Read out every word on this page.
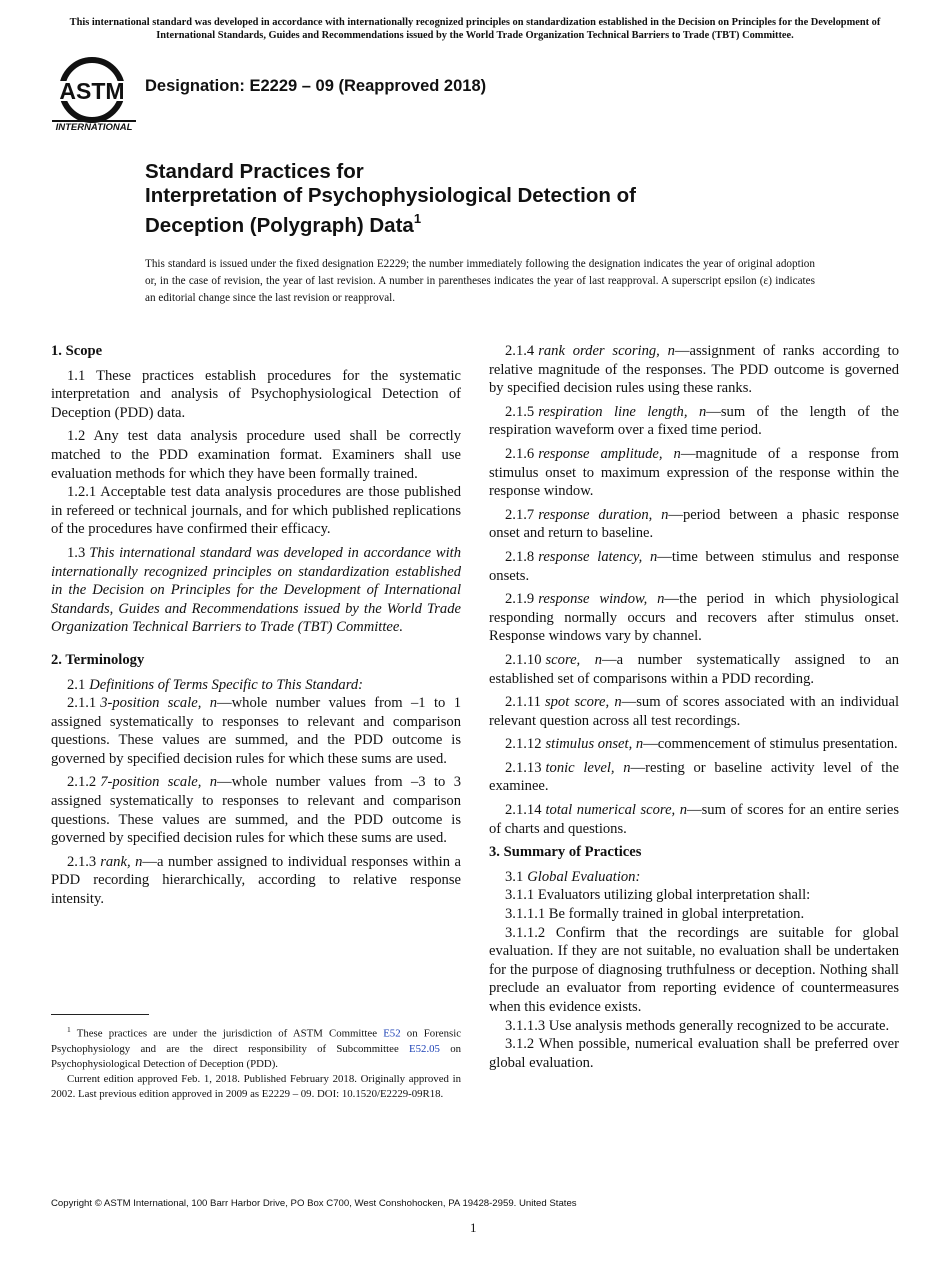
This international standard was developed in accordance with internationally recognized principles on standardization established in the Decision on Principles for the Development of International Standards, Guides and Recommendations issued by the World Trade Organization Technical Barriers to Trade (TBT) Committee.
ASTM
INTERNATIONAL
Designation: E2229 – 09 (Reapproved 2018)
Standard Practices for
Interpretation of Psychophysiological Detection of
Deception (Polygraph) Data$^1$
This standard is issued under the fixed designation E2229; the number immediately following the designation indicates the year of original adoption or, in the case of revision, the year of last revision. A number in parentheses indicates the year of last reapproval. A superscript epsilon (ε) indicates an editorial change since the last revision or reapproval.
1. Scope

1.1 These practices establish procedures for the systematic interpretation and analysis of Psychophysiological Detection of Deception (PDD) data.

1.2 Any test data analysis procedure used shall be correctly matched to the PDD examination format. Examiners shall use evaluation methods for which they have been formally trained.

1.2.1 Acceptable test data analysis procedures are those published in refereed or technical journals, and for which published replications of the procedures have confirmed their efficacy.

1.3 This international standard was developed in accordance with internationally recognized principles on standardization established in the Decision on Principles for the Development of International Standards, Guides and Recommendations issued by the World Trade Organization Technical Barriers to Trade (TBT) Committee.

2. Terminology

2.1 Definitions of Terms Specific to This Standard:

2.1.1 3-position scale, n—whole number values from –1 to 1 assigned systematically to responses to relevant and comparison questions. These values are summed, and the PDD outcome is governed by specified decision rules for which these sums are used.

2.1.2 7-position scale, n—whole number values from –3 to 3 assigned systematically to responses to relevant and comparison questions. These values are summed, and the PDD outcome is governed by specified decision rules for which these sums are used.

2.1.3 rank, n—a number assigned to individual responses within a PDD recording hierarchically, according to relative response intensity.

$^1$ These practices are under the jurisdiction of ASTM Committee E52 on Forensic Psychophysiology and are the direct responsibility of Subcommittee E52.05 on Psychophysiological Detection of Deception (PDD).

Current edition approved Feb. 1, 2018. Published February 2018. Originally approved in 2002. Last previous edition approved in 2009 as E2229 – 09. DOI: 10.1520/E2229-09R18.

2.1.4 rank order scoring, n—assignment of ranks according to relative magnitude of the responses. The PDD outcome is governed by specified decision rules using these ranks.

2.1.5 respiration line length, n—sum of the length of the respiration waveform over a fixed time period.

2.1.6 response amplitude, n—magnitude of a response from stimulus onset to maximum expression of the response within the response window.

2.1.7 response duration, n—period between a phasic response onset and return to baseline.

2.1.8 response latency, n—time between stimulus and response onsets.

2.1.9 response window, n—the period in which physiological responding normally occurs and recovers after stimulus onset. Response windows vary by channel.

2.1.10 score, n—a number systematically assigned to an established set of comparisons within a PDD recording.

2.1.11 spot score, n—sum of scores associated with an individual relevant question across all test recordings.

2.1.12 stimulus onset, n—commencement of stimulus presentation.

2.1.13 tonic level, n—resting or baseline activity level of the examinee.

2.1.14 total numerical score, n—sum of scores for an entire series of charts and questions.

3. Summary of Practices

3.1 Global Evaluation:

3.1.1 Evaluators utilizing global interpretation shall:

3.1.1.1 Be formally trained in global interpretation.

3.1.1.2 Confirm that the recordings are suitable for global evaluation. If they are not suitable, no evaluation shall be undertaken for the purpose of diagnosing truthfulness or deception. Nothing shall preclude an evaluator from reporting evidence of countermeasures when this evidence exists.

3.1.1.3 Use analysis methods generally recognized to be accurate.

3.1.2 When possible, numerical evaluation shall be preferred over global evaluation.

Copyright © ASTM International, 100 Barr Harbor Drive, PO Box C700, West Conshohocken, PA 19428-2959. United States
1
